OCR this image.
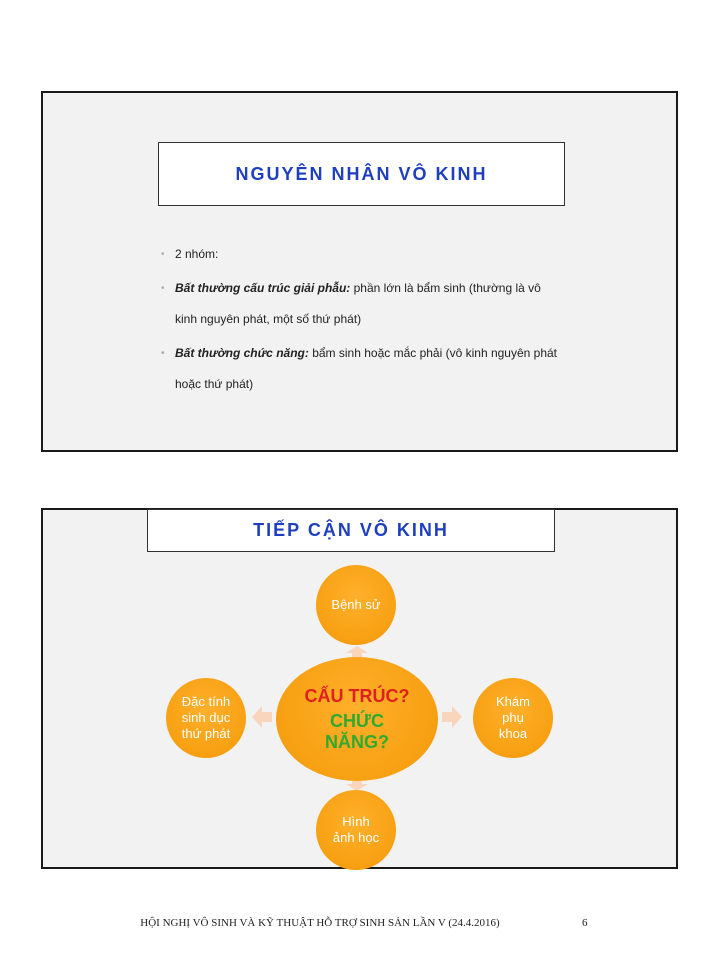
NGUYÊN NHÂN VÔ KINH
• 2 nhóm:
• Bất thường cấu trúc giải phẫu: phần lớn là bẩm sinh (thường là vô kinh nguyên phát, một số thứ phát)
• Bất thường chức năng: bẩm sinh hoặc mắc phải (vô kinh nguyên phát hoặc thứ phát)
TIẾP CẬN VÔ KINH
Bệnh sử
Đặc tính sinh dục thứ phát
Khám phụ khoa
Hình ảnh học
CẤU TRÚC?
CHỨC NĂNG?
HỘI NGHỊ VÔ SINH VÀ KỸ THUẬT HỖ TRỢ SINH SẢN LẦN V (24.4.2016)	6
